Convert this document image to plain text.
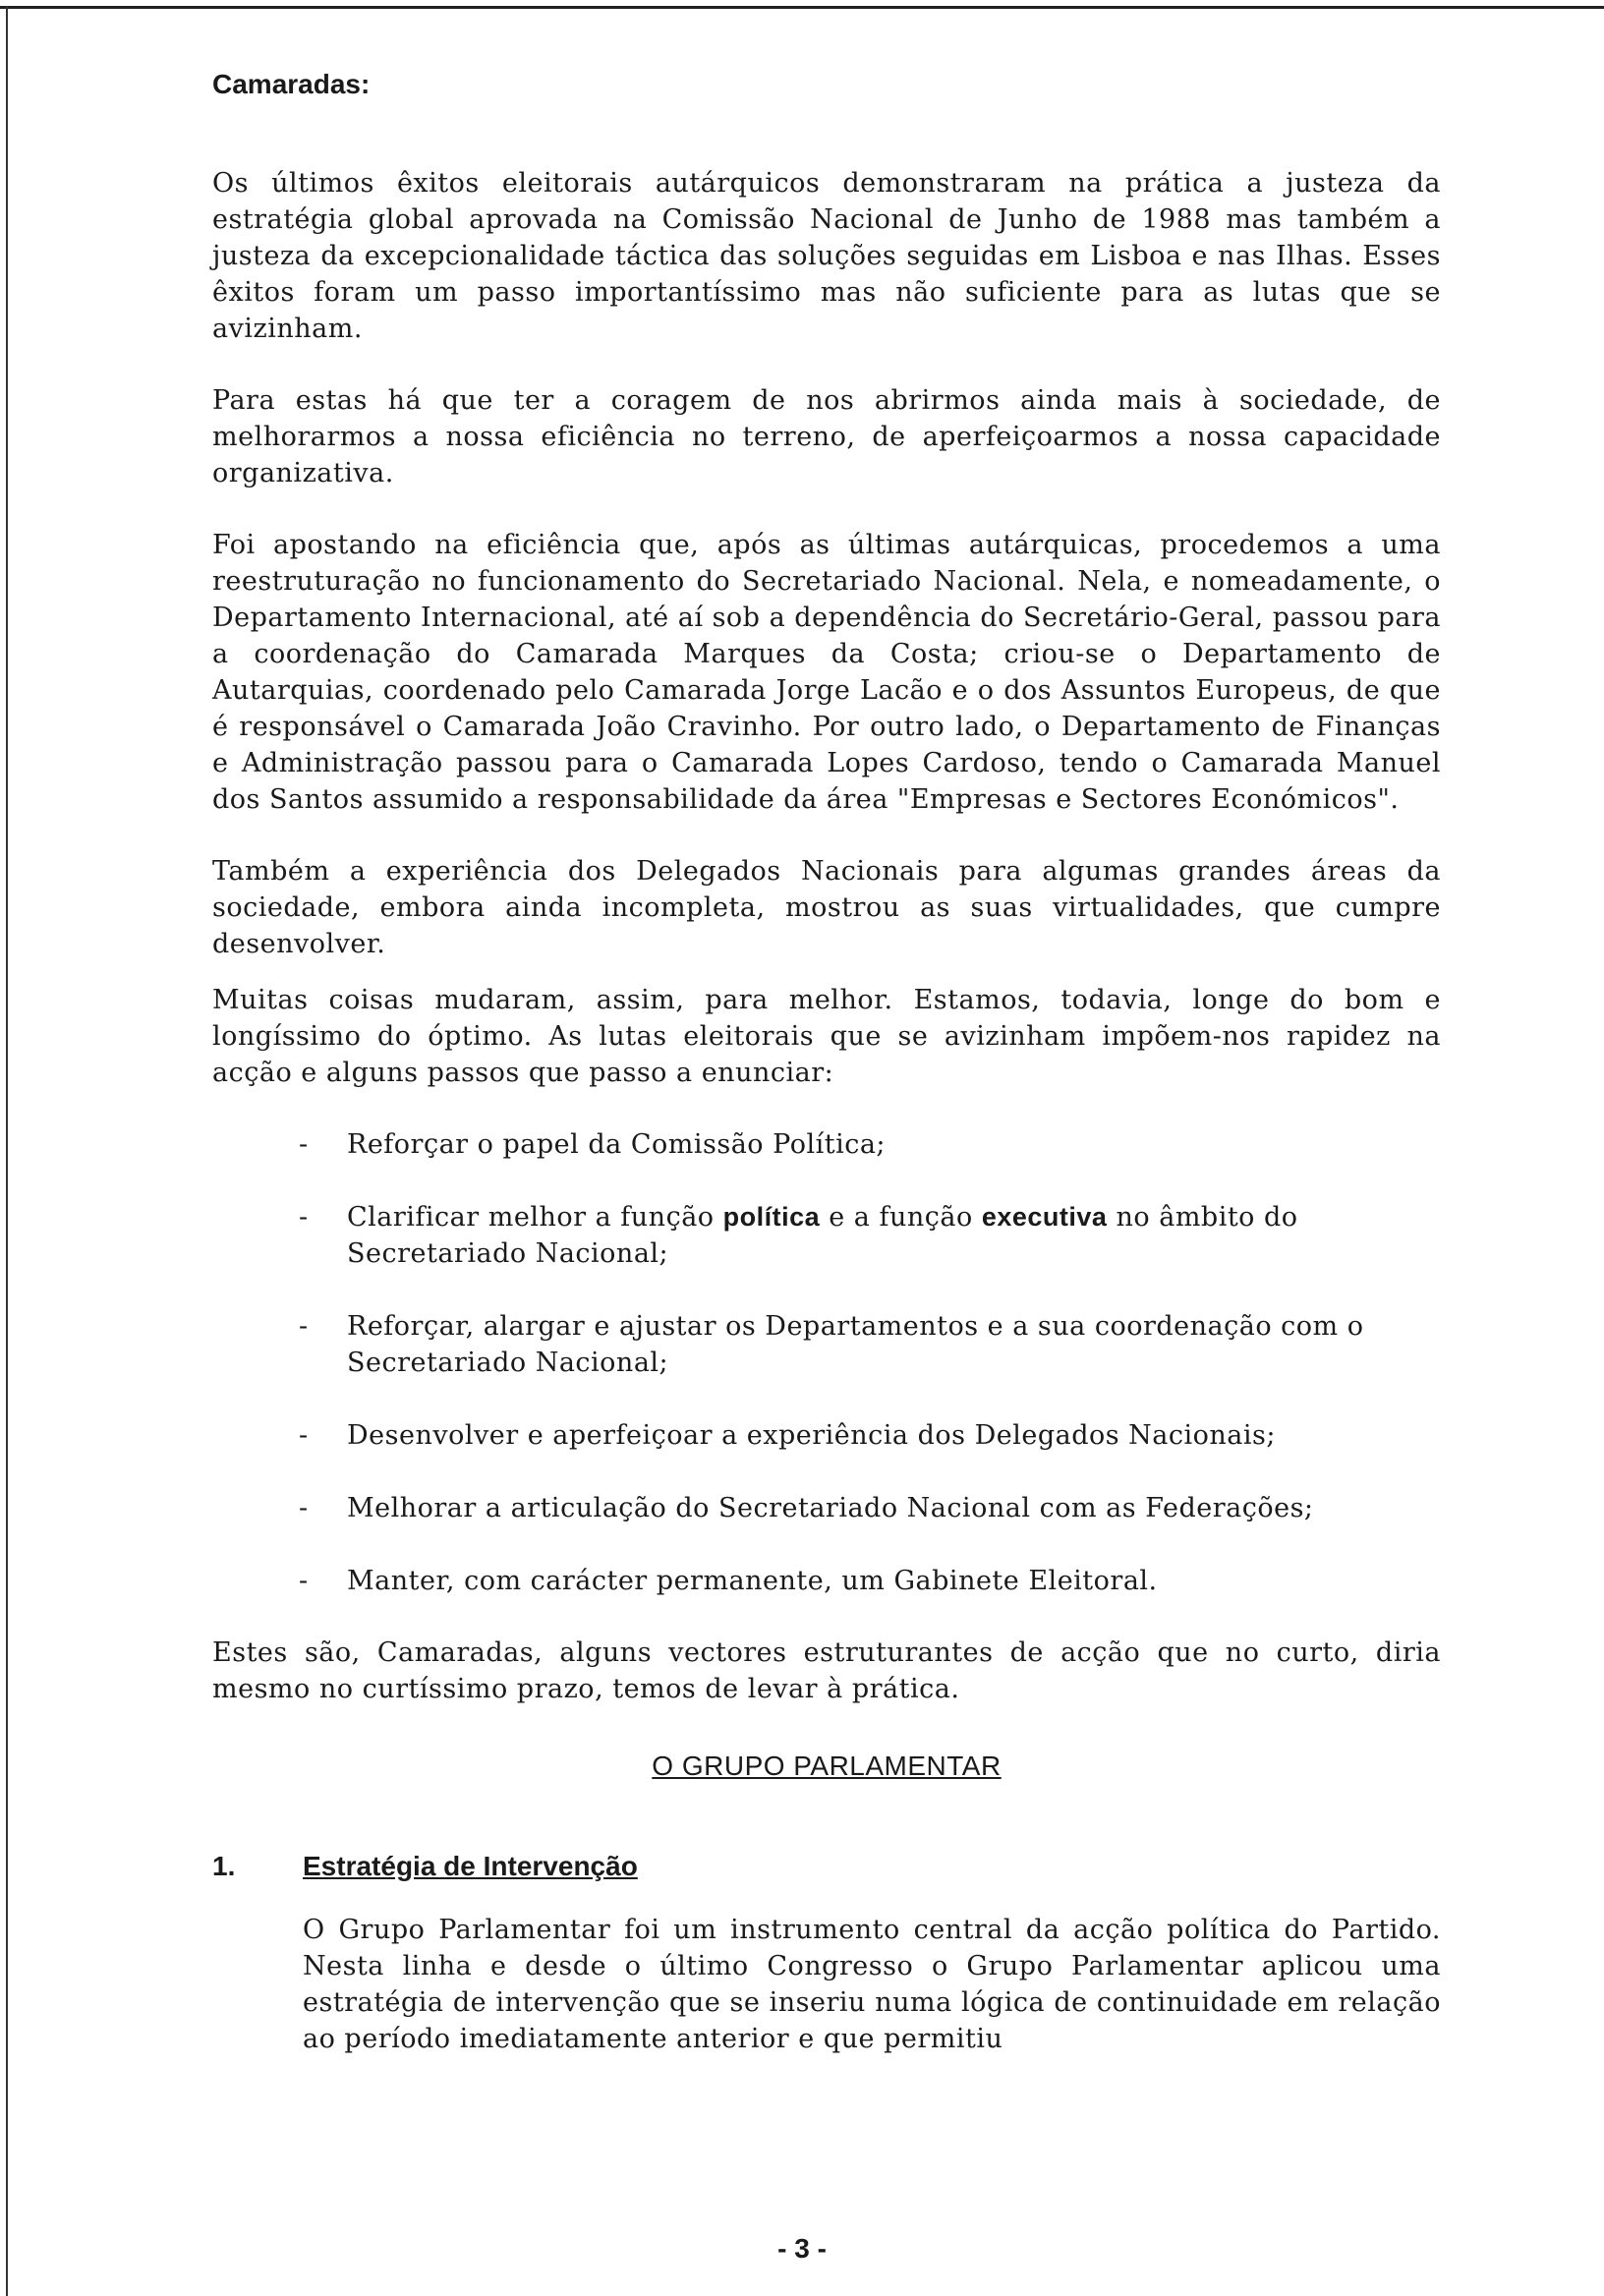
Camaradas:

Os últimos êxitos eleitorais autárquicos demonstraram na prática a justeza da estratégia global aprovada na Comissão Nacional de Junho de 1988 mas também a justeza da excepcionalidade táctica das soluções seguidas em Lisboa e nas Ilhas. Esses êxitos foram um passo importantíssimo mas não suficiente para as lutas que se avizinham.

Para estas há que ter a coragem de nos abrirmos ainda mais à sociedade, de melhorarmos a nossa eficiência no terreno, de aperfeiçoarmos a nossa capacidade organizativa.

Foi apostando na eficiência que, após as últimas autárquicas, procedemos a uma reestruturação no funcionamento do Secretariado Nacional. Nela, e nomeadamente, o Departamento Internacional, até aí sob a dependência do Secretário-Geral, passou para a coordenação do Camarada Marques da Costa; criou-se o Departamento de Autarquias, coordenado pelo Camarada Jorge Lacão e o dos Assuntos Europeus, de que é responsável o Camarada João Cravinho. Por outro lado, o Departamento de Finanças e Administração passou para o Camarada Lopes Cardoso, tendo o Camarada Manuel dos Santos assumido a responsabilidade da área "Empresas e Sectores Económicos".

Também a experiência dos Delegados Nacionais para algumas grandes áreas da sociedade, embora ainda incompleta, mostrou as suas virtualidades, que cumpre desenvolver.

Muitas coisas mudaram, assim, para melhor. Estamos, todavia, longe do bom e longíssimo do óptimo. As lutas eleitorais que se avizinham impõem-nos rapidez na acção e alguns passos que passo a enunciar:

- Reforçar o papel da Comissão Política;
- Clarificar melhor a função política e a função executiva no âmbito do Secretariado Nacional;
- Reforçar, alargar e ajustar os Departamentos e a sua coordenação com o Secretariado Nacional;
- Desenvolver e aperfeiçoar a experiência dos Delegados Nacionais;
- Melhorar a articulação do Secretariado Nacional com as Federações;
- Manter, com carácter permanente, um Gabinete Eleitoral.

Estes são, Camaradas, alguns vectores estruturantes de acção que no curto, diria mesmo no curtíssimo prazo, temos de levar à prática.

O GRUPO PARLAMENTAR
1.	Estratégia de Intervenção

O Grupo Parlamentar foi um instrumento central da acção política do Partido. Nesta linha e desde o último Congresso o Grupo Parlamentar aplicou uma estratégia de intervenção que se inseriu numa lógica de continuidade em relação ao período imediatamente anterior e que permitiu

- 3 -
